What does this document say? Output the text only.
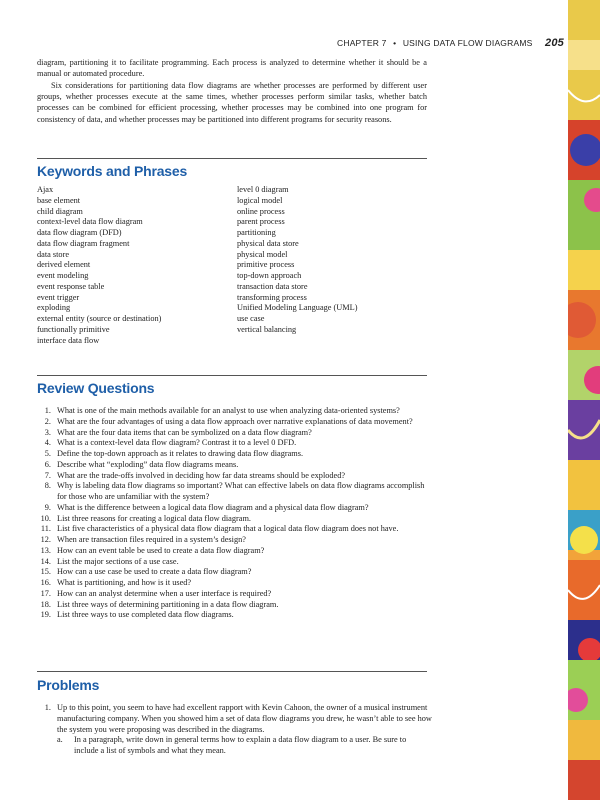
CHAPTER 7 • USING DATA FLOW DIAGRAMS 205
diagram, partitioning it to facilitate programming. Each process is analyzed to determine whether it should be a manual or automated procedure.
Six considerations for partitioning data flow diagrams are whether processes are performed by different user groups, whether processes execute at the same times, whether processes perform similar tasks, whether batch processes can be combined for efficient processing, whether processes may be combined into one program for consistency of data, and whether processes may be partitioned into different programs for security reasons.
Keywords and Phrases
Ajax
base element
child diagram
context-level data flow diagram
data flow diagram (DFD)
data flow diagram fragment
data store
derived element
event modeling
event response table
event trigger
exploding
external entity (source or destination)
functionally primitive
interface data flow
level 0 diagram
logical model
online process
parent process
partitioning
physical data store
physical model
primitive process
top-down approach
transaction data store
transforming process
Unified Modeling Language (UML)
use case
vertical balancing
Review Questions
1. What is one of the main methods available for an analyst to use when analyzing data-oriented systems?
2. What are the four advantages of using a data flow approach over narrative explanations of data movement?
3. What are the four data items that can be symbolized on a data flow diagram?
4. What is a context-level data flow diagram? Contrast it to a level 0 DFD.
5. Define the top-down approach as it relates to drawing data flow diagrams.
6. Describe what “exploding” data flow diagrams means.
7. What are the trade-offs involved in deciding how far data streams should be exploded?
8. Why is labeling data flow diagrams so important? What can effective labels on data flow diagrams accomplish for those who are unfamiliar with the system?
9. What is the difference between a logical data flow diagram and a physical data flow diagram?
10. List three reasons for creating a logical data flow diagram.
11. List five characteristics of a physical data flow diagram that a logical data flow diagram does not have.
12. When are transaction files required in a system’s design?
13. How can an event table be used to create a data flow diagram?
14. List the major sections of a use case.
15. How can a use case be used to create a data flow diagram?
16. What is partitioning, and how is it used?
17. How can an analyst determine when a user interface is required?
18. List three ways of determining partitioning in a data flow diagram.
19. List three ways to use completed data flow diagrams.
Problems
1. Up to this point, you seem to have had excellent rapport with Kevin Cahoon, the owner of a musical instrument manufacturing company. When you showed him a set of data flow diagrams you drew, he wasn’t able to see how the system you were proposing was described in the diagrams.
a.	In a paragraph, write down in general terms how to explain a data flow diagram to a user. Be sure to include a list of symbols and what they mean.
